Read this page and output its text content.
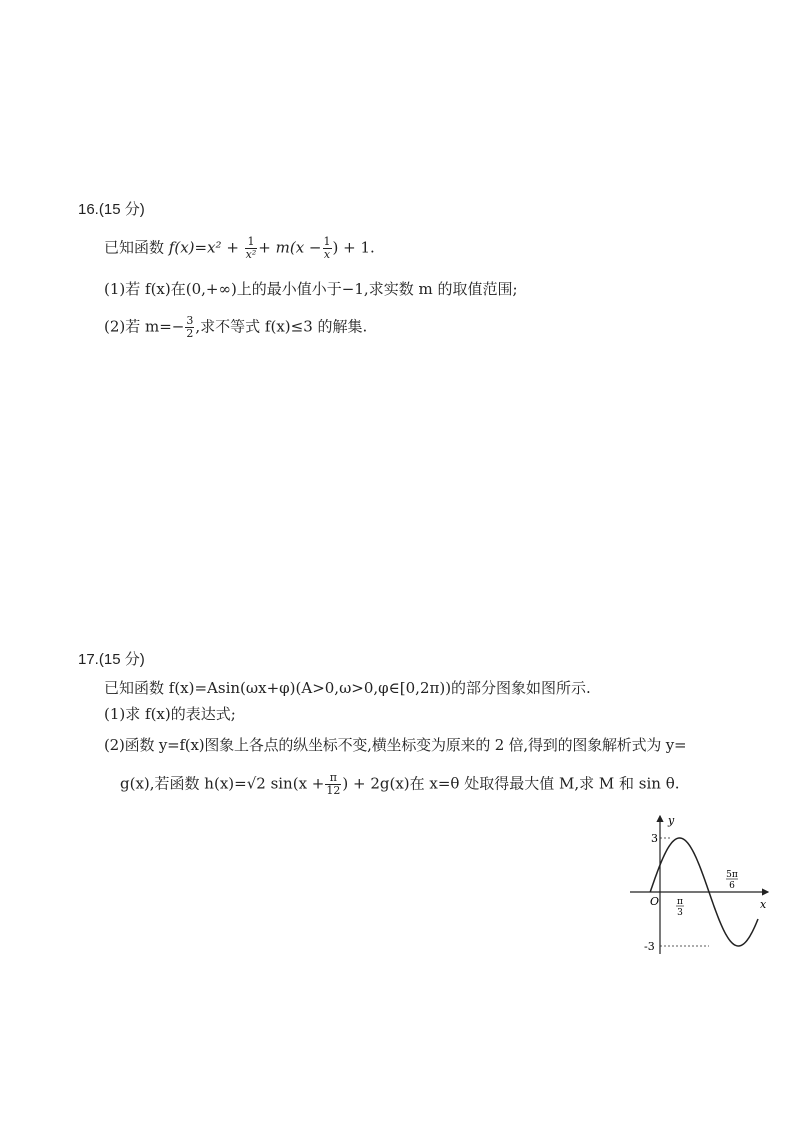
16.(15 分)
已知函数 $f(x)=x^2 + \frac{1}{\text{x²}} + m(x - \frac{1}{x}$ ) + 1.
(1)若 f(x)在(0,+∞)上的最小值小于−1,求实数 m 的取值范围;
(2)若 $m=- \frac{3}{2}$ ,求不等式 f(x)≤3 的解集.
17.(15 分)
已知函数 f(x)=Asin(ωx+φ)(A>0,ω>0,φ∈[0,2π))的部分图象如图所示.
(1)求 f(x)的表达式;
(2)函数 y=f(x)图象上各点的纵坐标不变,横坐标变为原来的 2 倍,得到的图象解析式为 y=
g(x),若函数 h(x)=√2 $\sin(x + \frac{\pi}{12}$ ) + 2g(x)在 x=θ 处取得最大值 M,求 M 和 sin θ.
y
x
O
3
-3
π
3
5π
6
